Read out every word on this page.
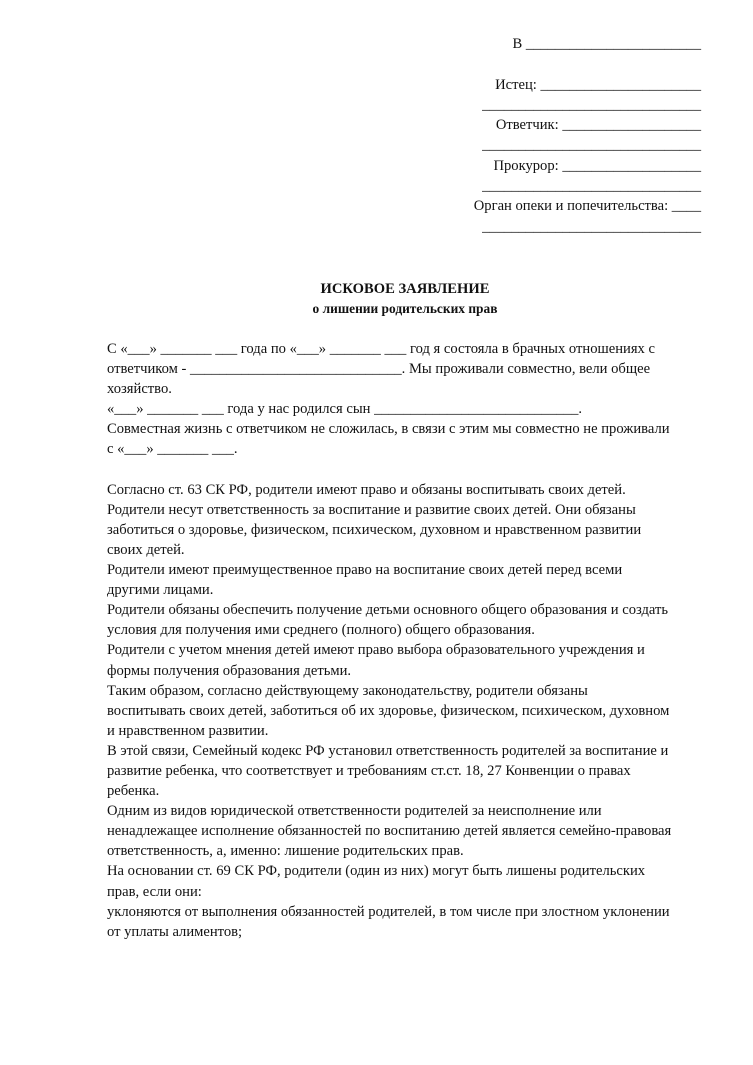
В ________________________
Истец: ______________________
______________________________
Ответчик: ___________________
______________________________
Прокурор: ___________________
______________________________
Орган опеки и попечительства: ____
______________________________
ИСКОВОЕ ЗАЯВЛЕНИЕ
о лишении родительских прав
С «___» _______ ___ года по «___» _______ ___ год я состояла в брачных отношениях с
ответчиком - _____________________________. Мы проживали совместно, вели общее
хозяйство.
«___» _______ ___ года у нас родился сын ____________________________.
Совместная жизнь с ответчиком не сложилась, в связи с этим мы совместно не проживали
с «___» _______ ___.
Согласно ст. 63 СК РФ, родители имеют право и обязаны воспитывать своих детей.
Родители несут ответственность за воспитание и развитие своих детей. Они обязаны
заботиться о здоровье, физическом, психическом, духовном и нравственном развитии
своих детей.
Родители имеют преимущественное право на воспитание своих детей перед всеми
другими лицами.
Родители обязаны обеспечить получение детьми основного общего образования и создать
условия для получения ими среднего (полного) общего образования.
Родители с учетом мнения детей имеют право выбора образовательного учреждения и
формы получения образования детьми.
Таким образом, согласно действующему законодательству, родители обязаны
воспитывать своих детей, заботиться об их здоровье, физическом, психическом, духовном
и нравственном развитии.
В этой связи, Семейный кодекс РФ установил ответственность родителей за воспитание и
развитие ребенка, что соответствует и требованиям ст.ст. 18, 27 Конвенции о правах
ребенка.
Одним из видов юридической ответственности родителей за неисполнение или
ненадлежащее исполнение обязанностей по воспитанию детей является семейно-правовая
ответственность, а, именно: лишение родительских прав.
На основании ст. 69 СК РФ, родители (один из них) могут быть лишены родительских
прав, если они:
уклоняются от выполнения обязанностей родителей, в том числе при злостном уклонении
от уплаты алиментов;
